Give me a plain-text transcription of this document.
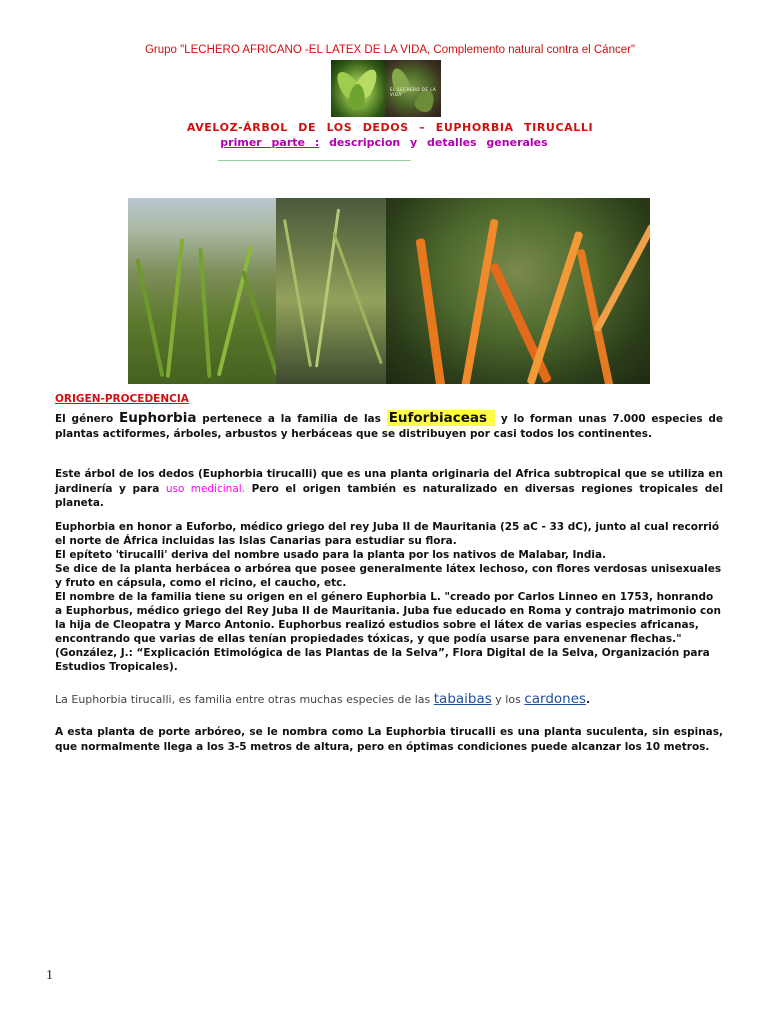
Grupo "LECHERO AFRICANO -EL LATEX DE LA VIDA, Complemento natural contra el Cáncer"
EL LECHERO DE LA VIDA
AVELOZ-ÁRBOL DE LOS DEDOS – EUPHORBIA TIRUCALLI
primer parte : descripcion y detalles generales
________________________________________________
ORIGEN-PROCEDENCIA
El género Euphorbia pertenece a la familia de las Euforbiaceas y lo forman unas 7.000 especies de plantas actiformes, árboles, arbustos y herbáceas que se distribuyen por casi todos los continentes.
Este árbol de los dedos (Euphorbia tirucalli) que es una planta originaria del Africa subtropical que se utiliza en jardinería y para uso medicinal. Pero el origen también es naturalizado en diversas regiones tropicales del planeta.
Euphorbia en honor a Euforbo, médico griego del rey Juba II de Mauritania (25 aC - 33 dC), junto al cual recorrió el norte de África incluidas las Islas Canarias para estudiar su flora.
El epíteto 'tirucalli' deriva del nombre usado para la planta por los nativos de Malabar, India.
Se dice de la planta herbácea o arbórea que posee generalmente látex lechoso, con flores verdosas unisexuales y fruto en cápsula, como el ricino, el caucho, etc.
El nombre de la familia tiene su origen en el género Euphorbia L. "creado por Carlos Linneo en 1753, honrando a Euphorbus, médico griego del Rey Juba II de Mauritania. Juba fue educado en Roma y contrajo matrimonio con la hija de Cleopatra y Marco Antonio. Euphorbus realizó estudios sobre el látex de varias especies africanas, encontrando que varias de ellas tenían propiedades tóxicas, y que podía usarse para envenenar flechas." (González, J.: “Explicación Etimológica de las Plantas de la Selva”, Flora Digital de la Selva, Organización para Estudios Tropicales).
La Euphorbia tirucalli, es familia entre otras muchas especies de las tabaibas y los cardones.
A esta planta de porte arbóreo, se le nombra como La Euphorbia tirucalli es una planta suculenta, sin espinas, que normalmente llega a los 3-5 metros de altura, pero en óptimas condiciones puede alcanzar los 10 metros.
1
